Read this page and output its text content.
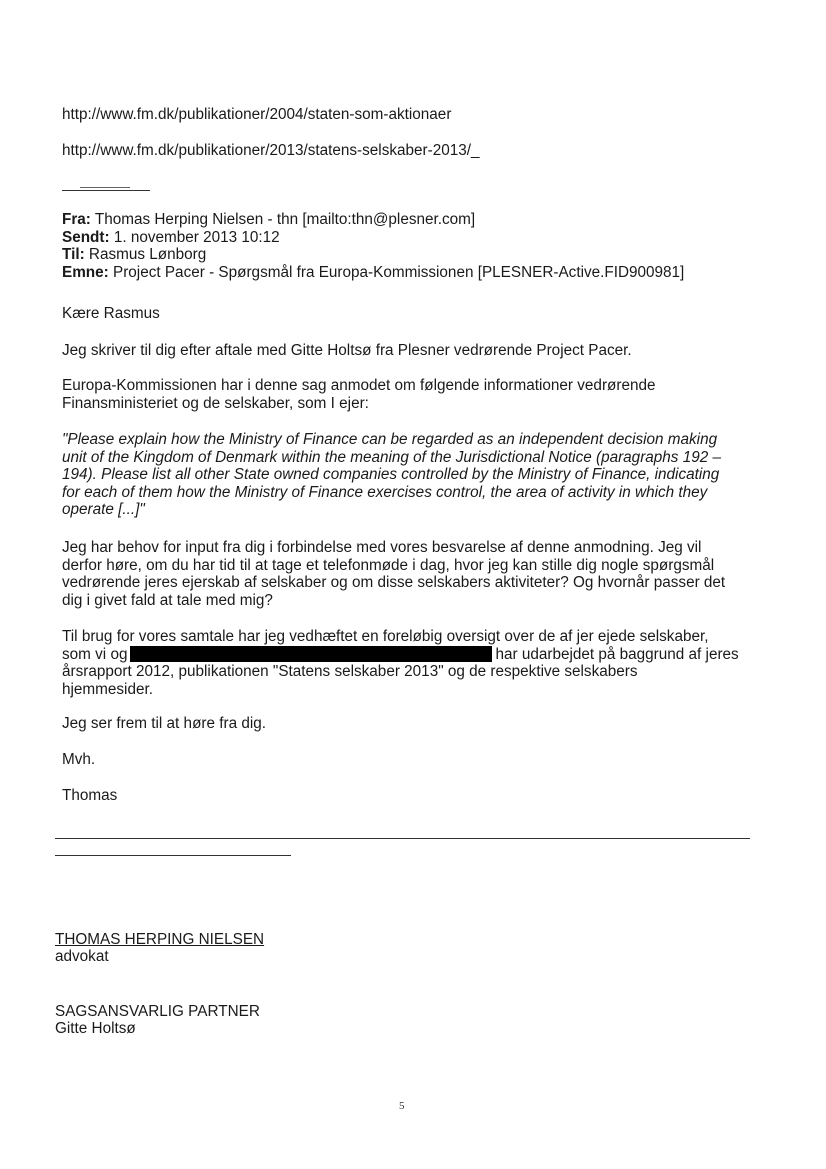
http://www.fm.dk/publikationer/2004/staten-som-aktionaer

http://www.fm.dk/publikationer/2013/statens-selskaber-2013/_

Fra: Thomas Herping Nielsen - thn [mailto:thn@plesner.com]
Sendt: 1. november 2013 10:12
Til: Rasmus Lønborg
Emne: Project Pacer - Spørgsmål fra Europa-Kommissionen [PLESNER-Active.FID900981]

Kære Rasmus

Jeg skriver til dig efter aftale med Gitte Holtsø fra Plesner vedrørende Project Pacer.

Europa-Kommissionen har i denne sag anmodet om følgende informationer vedrørende
Finansministeriet og de selskaber, som I ejer:
"Please explain how the Ministry of Finance can be regarded as an independent decision making
unit of the Kingdom of Denmark within the meaning of the Jurisdictional Notice (paragraphs 192 –
194). Please list all other State owned companies controlled by the Ministry of Finance, indicating
for each of them how the Ministry of Finance exercises control, the area of activity in which they
operate [...]"
Jeg har behov for input fra dig i forbindelse med vores besvarelse af denne anmodning. Jeg vil
derfor høre, om du har tid til at tage et telefonmøde i dag, hvor jeg kan stille dig nogle spørgsmål
vedrørende jeres ejerskab af selskaber og om disse selskabers aktiviteter? Og hvornår passer det
dig i givet fald at tale med mig?
Til brug for vores samtale har jeg vedhæftet en foreløbig oversigt over de af jer ejede selskaber,
som vi og	har udarbejdet på baggrund af jeres
årsrapport 2012, publikationen "Statens selskaber 2013" og de respektive selskabers
hjemmesider.

Jeg ser frem til at høre fra dig.

Mvh.

Thomas

THOMAS HERPING NIELSEN

advokat

SAGSANSVARLIG PARTNER

Gitte Holtsø

5
